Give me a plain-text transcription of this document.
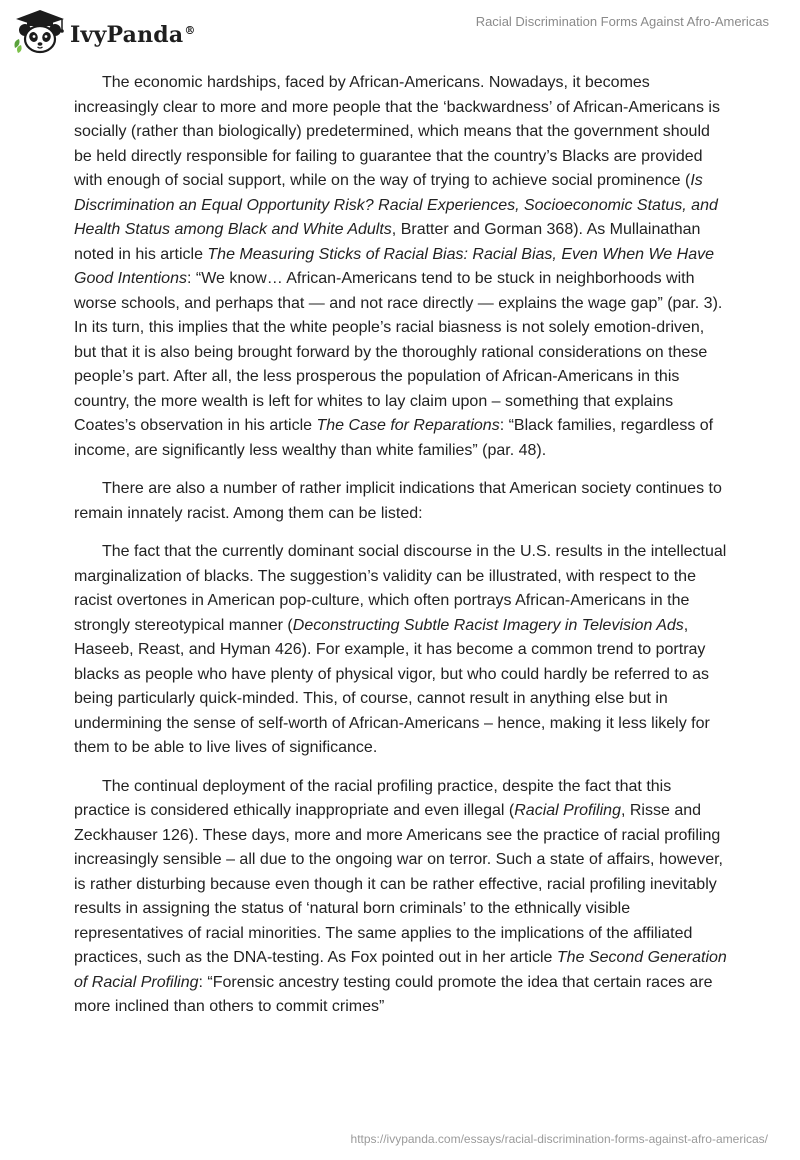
IvyPanda®
Racial Discrimination Forms Against Afro-Americas

The economic hardships, faced by African-Americans. Nowadays, it becomes increasingly clear to more and more people that the ‘backwardness’ of African-Americans is socially (rather than biologically) predetermined, which means that the government should be held directly responsible for failing to guarantee that the country’s Blacks are provided with enough of social support, while on the way of trying to achieve social prominence (Is Discrimination an Equal Opportunity Risk? Racial Experiences, Socioeconomic Status, and Health Status among Black and White Adults, Bratter and Gorman 368). As Mullainathan noted in his article The Measuring Sticks of Racial Bias: Racial Bias, Even When We Have Good Intentions: “We know… African-Americans tend to be stuck in neighborhoods with worse schools, and perhaps that — and not race directly — explains the wage gap” (par. 3). In its turn, this implies that the white people’s racial biasness is not solely emotion-driven, but that it is also being brought forward by the thoroughly rational considerations on these people’s part. After all, the less prosperous the population of African-Americans in this country, the more wealth is left for whites to lay claim upon – something that explains Coates’s observation in his article The Case for Reparations: “Black families, regardless of income, are significantly less wealthy than white families” (par. 48).

There are also a number of rather implicit indications that American society continues to remain innately racist. Among them can be listed:

The fact that the currently dominant social discourse in the U.S. results in the intellectual marginalization of blacks. The suggestion’s validity can be illustrated, with respect to the racist overtones in American pop-culture, which often portrays African-Americans in the strongly stereotypical manner (Deconstructing Subtle Racist Imagery in Television Ads, Haseeb, Reast, and Hyman 426). For example, it has become a common trend to portray blacks as people who have plenty of physical vigor, but who could hardly be referred to as being particularly quick-minded. This, of course, cannot result in anything else but in undermining the sense of self-worth of African-Americans – hence, making it less likely for them to be able to live lives of significance.

The continual deployment of the racial profiling practice, despite the fact that this practice is considered ethically inappropriate and even illegal (Racial Profiling, Risse and Zeckhauser 126). These days, more and more Americans see the practice of racial profiling increasingly sensible – all due to the ongoing war on terror. Such a state of affairs, however, is rather disturbing because even though it can be rather effective, racial profiling inevitably results in assigning the status of ‘natural born criminals’ to the ethnically visible representatives of racial minorities. The same applies to the implications of the affiliated practices, such as the DNA-testing. As Fox pointed out in her article The Second Generation of Racial Profiling: “Forensic ancestry testing could promote the idea that certain races are more inclined than others to commit crimes”

https://ivypanda.com/essays/racial-discrimination-forms-against-afro-americas/
